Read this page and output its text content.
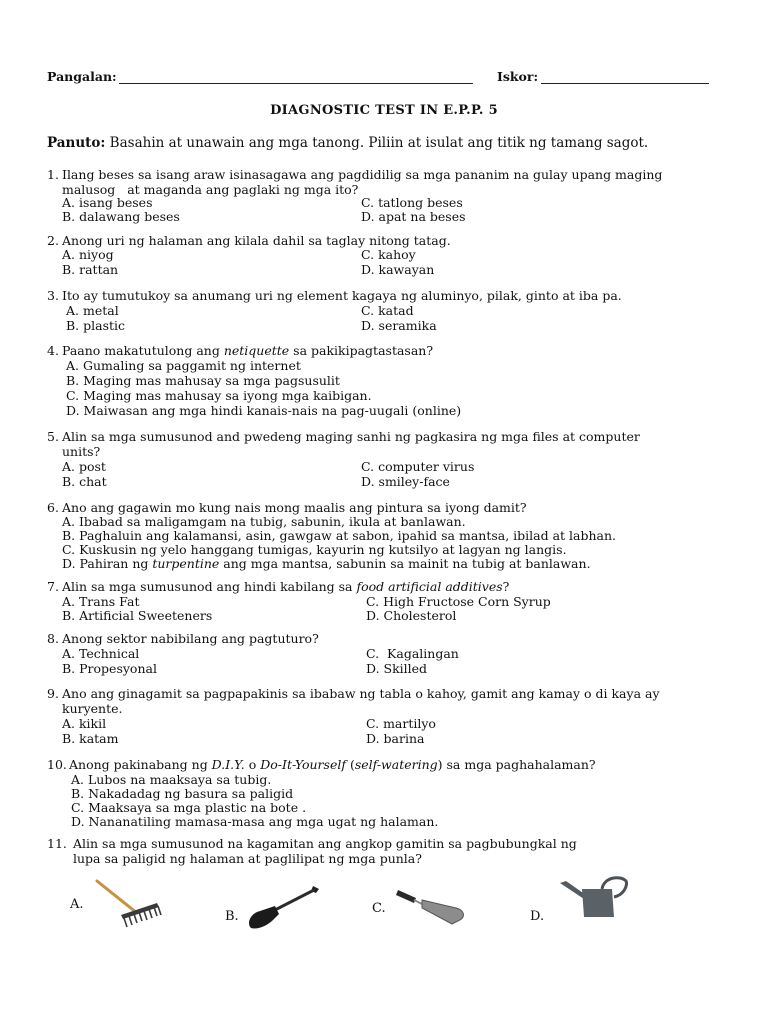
Pangalan:	Iskor:
DIAGNOSTIC TEST IN E.P.P. 5
Panuto: Basahin at unawain ang mga tanong. Piliin at isulat ang titik ng tamang sagot.
1. Ilang beses sa isang araw isinasagawa ang pagdidilig sa mga pananim na gulay upang maging
malusog   at maganda ang paglaki ng mga ito?
A. isang beses	C. tatlong beses
B. dalawang beses	D. apat na beses
2. Anong uri ng halaman ang kilala dahil sa taglay nitong tatag.
A. niyog	C. kahoy
B. rattan	D. kawayan
3. Ito ay tumutukoy sa anumang uri ng element kagaya ng aluminyo, pilak, ginto at iba pa.
A. metal	C. katad
B. plastic	D. seramika
4. Paano makatutulong ang netiquette sa pakikipagtastasan?
A. Gumaling sa paggamit ng internet
B. Maging mas mahusay sa mga pagsusulit
C. Maging mas mahusay sa iyong mga kaibigan.
D. Maiwasan ang mga hindi kanais-nais na pag-uugali (online)
5. Alin sa mga sumusunod and pwedeng maging sanhi ng pagkasira ng mga files at computer
units?
A. post	C. computer virus
B. chat	D. smiley-face
6. Ano ang gagawin mo kung nais mong maalis ang pintura sa iyong damit?
A. Ibabad sa maligamgam na tubig, sabunin, ikula at banlawan.
B. Paghaluin ang kalamansi, asin, gawgaw at sabon, ipahid sa mantsa, ibilad at labhan.
C. Kuskusin ng yelo hanggang tumigas, kayurin ng kutsilyo at lagyan ng langis.
D. Pahiran ng turpentine ang mga mantsa, sabunin sa mainit na tubig at banlawan.
7. Alin sa mga sumusunod ang hindi kabilang sa food artificial additives?
A. Trans Fat	C. High Fructose Corn Syrup
B. Artificial Sweeteners	D. Cholesterol
8. Anong sektor nabibilang ang pagtuturo?
A. Technical	C.  Kagalingan
B. Propesyonal	D. Skilled
9. Ano ang ginagamit sa pagpapakinis sa ibabaw ng tabla o kahoy, gamit ang kamay o di kaya ay
kuryente.
A. kikil	C. martilyo
B. katam	D. barina
10. Anong pakinabang ng D.I.Y. o Do-It-Yourself (self-watering) sa mga paghahalaman?
A. Lubos na maaksaya sa tubig.
B. Nakadadag ng basura sa paligid
C. Maaksaya sa mga plastic na bote .
D. Nananatiling mamasa-masa ang mga ugat ng halaman.
11. Alin sa mga sumusunod na kagamitan ang angkop gamitin sa pagbubungkal ng
lupa sa paligid ng halaman at paglilipat ng mga punla?
A.
B.
C.
D.
